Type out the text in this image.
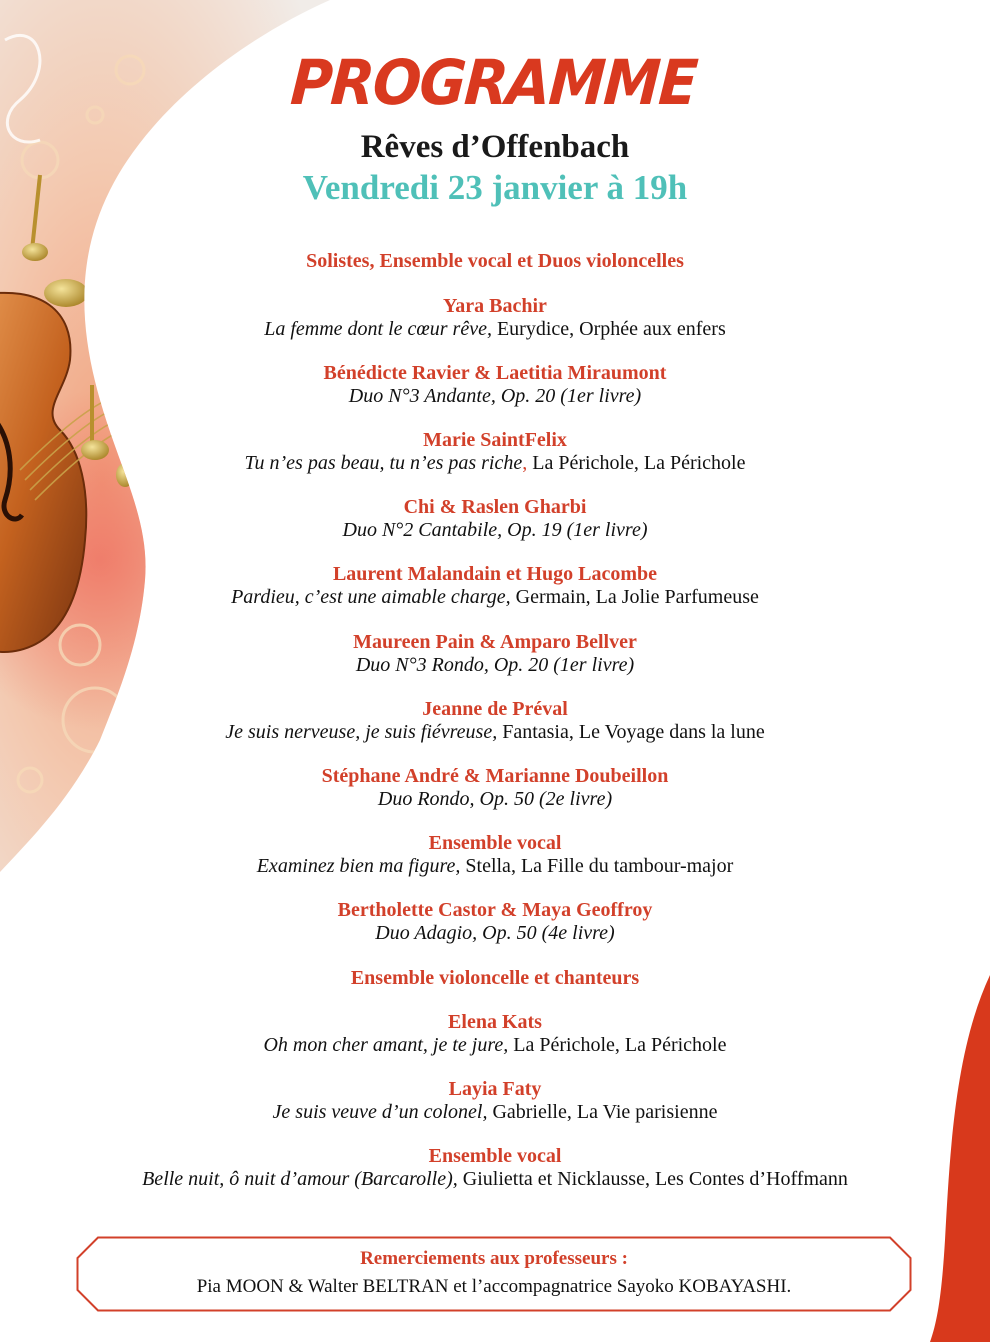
PROGRAMME
Rêves d’Offenbach
Vendredi 23 janvier à 19h
Solistes, Ensemble vocal et Duos violoncelles
Yara Bachir
La femme dont le cœur rêve, Eurydice, Orphée aux enfers
Bénédicte Ravier & Laetitia Miraumont
Duo N°3 Andante, Op. 20 (1er livre)
Marie SaintFelix
Tu n’es pas beau, tu n’es pas riche, La Périchole, La Périchole
Chi & Raslen Gharbi
Duo N°2 Cantabile, Op. 19 (1er livre)
Laurent Malandain et Hugo Lacombe
Pardieu, c’est une aimable charge, Germain, La Jolie Parfumeuse
Maureen Pain & Amparo Bellver
Duo N°3 Rondo, Op. 20 (1er livre)
Jeanne de Préval
Je suis nerveuse, je suis fiévreuse, Fantasia, Le Voyage dans la lune
Stéphane André & Marianne Doubeillon
Duo Rondo, Op. 50 (2e livre)
Ensemble vocal
Examinez bien ma figure, Stella, La Fille du tambour-major
Bertholette Castor & Maya Geoffroy
Duo Adagio, Op. 50 (4e livre)
Ensemble violoncelle et chanteurs
Elena Kats
Oh mon cher amant, je te jure, La Périchole, La Périchole
Layia Faty
Je suis veuve d’un colonel, Gabrielle, La Vie parisienne
Ensemble vocal
Belle nuit, ô nuit d’amour (Barcarolle), Giulietta et Nicklausse, Les Contes d’Hoffmann
Remerciements aux professeurs :
Pia MOON & Walter BELTRAN et l’accompagnatrice Sayoko KOBAYASHI.
